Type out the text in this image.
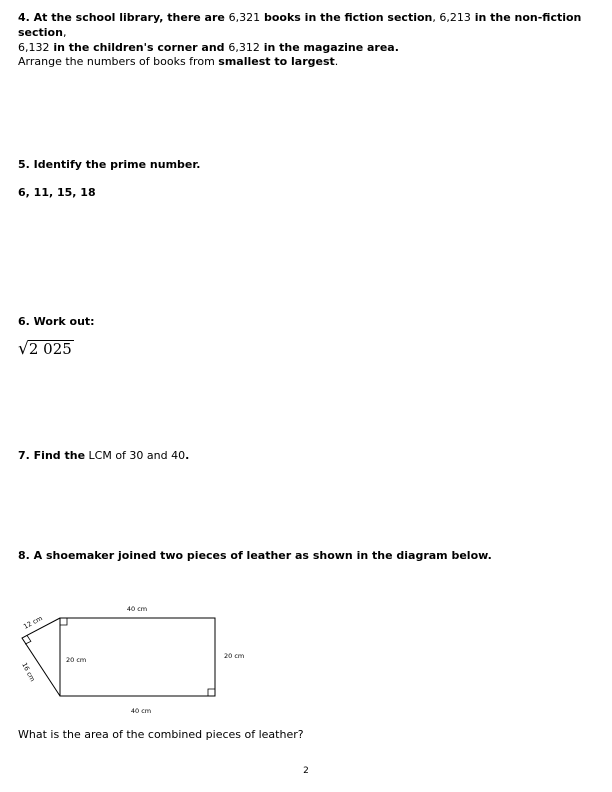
4. At the school library, there are 6,321 books in the fiction section, 6,213 in the non-fiction section,
6,132 in the children's corner and 6,312 in the magazine area.
Arrange the numbers of books from smallest to largest.
5. Identify the prime number.
6, 11, 15, 18
6. Work out:
√2 025
7. Find the LCM of 30 and 40.
8. A shoemaker joined two pieces of leather as shown in the diagram below.
40 cm
40 cm
20 cm
20 cm
12 cm
16 cm
What is the area of the combined pieces of leather?
2
